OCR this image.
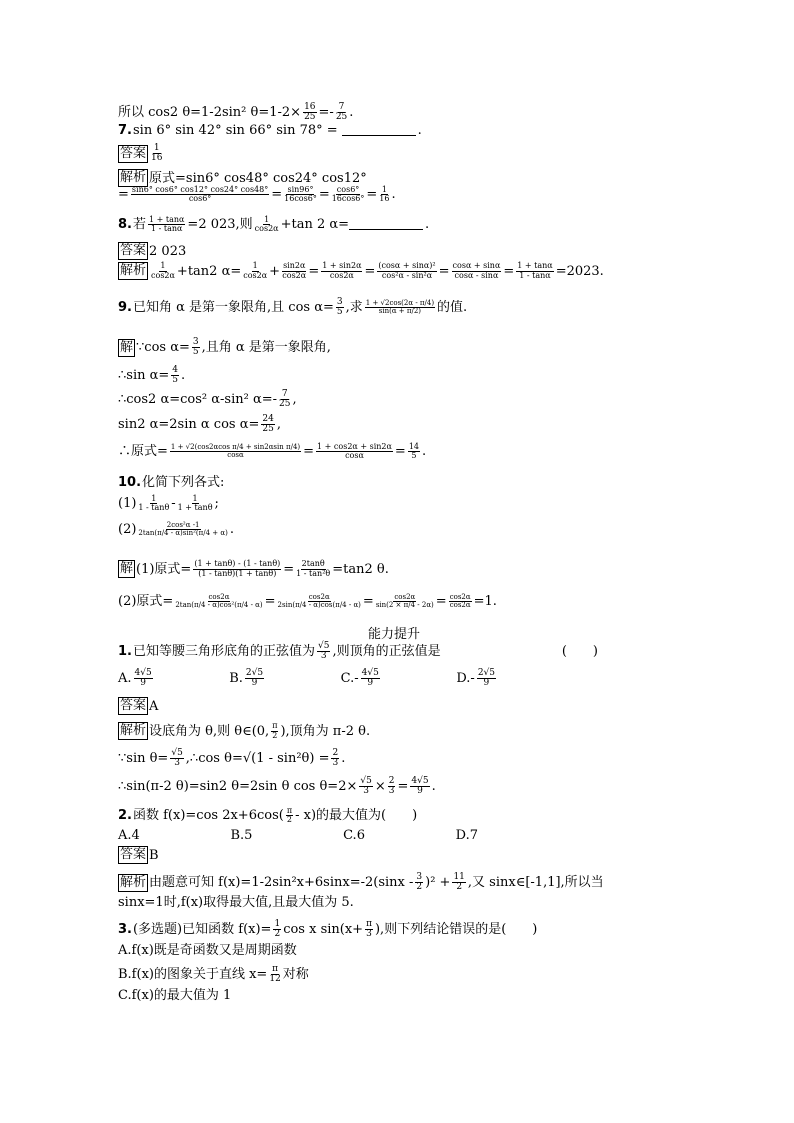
所以 cos2 θ=1-2sin² $\theta=1-2\times \frac{16}{25} =- \frac{7}{25}$ .
7. sin 6° sin 42° sin 66° sin 78° =	.
答案 $\frac{1}{16}$
解析 原式=sin6° cos48° cos24° cos12°
= $\frac{\sin 6^\circ \cos 6^\circ \cos 12^\circ \cos 24^\circ \cos 48^\circ}{\cos 6^\circ} = \frac{\sin 96^\circ}{16\cos 6^\circ} = \frac{\cos 6^\circ}{16\cos 6^\circ} = \frac{1}{16}$ .
8. 若 $\frac{1 + \tan\alpha}{1 - \tan\alpha} =2$ 023,则 $\frac{1}{\cos 2\alpha} +\tan$ 2 α=	.
答案 2 023
解析 $\frac{1}{\cos 2\alpha} +\tan 2$ $\alpha= \frac{1}{\cos 2\alpha} + \frac{\sin 2\alpha}{\cos 2\alpha} = \frac{1 + \sin 2\alpha}{\cos 2\alpha} = \frac{\text{(cosα + sinα)²}}{\text{cos²α - sin²α}} = \frac{\cos\alpha + \sin\alpha}{\cos\alpha - \sin\alpha} = \frac{1 + \tan\alpha}{1 - \tan\alpha} =2023$.
9. 已知角 α 是第一象限角,且 $\cos \alpha= \frac{3}{5}$ ,求 $\frac{1 + √2\cos(2\alpha - \pi/4)}{\sin(\alpha + \pi/2)}$ 的值.
解 ∵cos $\alpha= \frac{3}{5}$ ,且角 α 是第一象限角,
∴sin $\alpha= \frac{4}{5}$ .
∴cos2 α=cos² α-sin² $\alpha=- \frac{7}{25}$ ,
sin2 α=2sin α $\cos \alpha= \frac{24}{25}$ ,
∴原式= $\frac{\text{1 + √2(cos2αcos π/4 + sin2αsin π/4)}}{\cos\alpha} = \frac{1 + \cos 2\alpha + \sin 2\alpha}{\cos\alpha} = \frac{14}{5}$ .
10. 化简下列各式:
$(1) \frac{1}{1 - \tan\theta} - \frac{1}{1 + \tan\theta}$ ;
$(2) \frac{\text{2cos²α -1}}{\text{2tan(π/4 - α)sin²(π/4 + α)}}$ .
解 (1)原式= $\frac{(1 + \tan\theta) - (1 - \tan\theta)}{(1 - \tan\theta)(1 + \tan\theta)} = \frac{2\tan\theta}{\text{1 - tan²θ}} =\tan 2$ θ.
(2)原式= $\frac{\cos 2\alpha}{\text{2tan(π/4 - α)cos²(π/4 - α)}} = \frac{\cos 2\alpha}{2\sin(\pi/4 - \alpha)\cos(\pi/4 - \alpha)} = \frac{\cos 2\alpha}{\sin(2 \times \pi/4 - 2\alpha)} = \frac{\cos 2\alpha}{\cos 2\alpha} =1$.
能力提升
1. 已知等腰三角形底角的正弦值为 $\frac{√5}{3}$ ,则顶角的正弦值是	(　　)
A. $\frac{4√5}{9}$	B. $\frac{2√5}{9}$	C. - $\frac{4√5}{9}$	D. - $\frac{2√5}{9}$
答案 A
解析 设底角为 θ,则 θ∈ (0, $\frac{\pi}{2}$ ) ,顶角为 π-2 θ.
∵sin $\theta= \frac{√5}{3}$ ,∴cos $\theta= √(1 - \sin^2\theta) = \frac{2}{3}$ .
∴sin(π-2 θ)=sin2 θ=2sin θ $\cos \theta=2\times \frac{√5}{3} \times \frac{2}{3} = \frac{4√5}{9}$ .
2. 函数 f(x)=cos 2x+6cos ( $\frac{\pi}{2} - x$) 的最大值为(　　)
A.4	B.5	C.6	D.7
答案 B
解析 由题意可知 $f(x)=1-2\sin^2x+6\sin x= -2(\sin x - \frac{3}{2} )^2 + \frac{11}{2}$ ,又 sinx∈[-1,1],所以当
sinx=1时,f(x)取得最大值,且最大值为 5.
3. (多选题)已知函数 $f(x)= \frac{1}{2}$ cos x $\sin(x+ \frac{\pi}{3}$ ),则下列结论错误的是(　　)
A.f(x)既是奇函数又是周期函数
B.f(x)的图象关于直线 $x= \frac{\pi}{12}$ 对称
C.f(x)的最大值为 1
